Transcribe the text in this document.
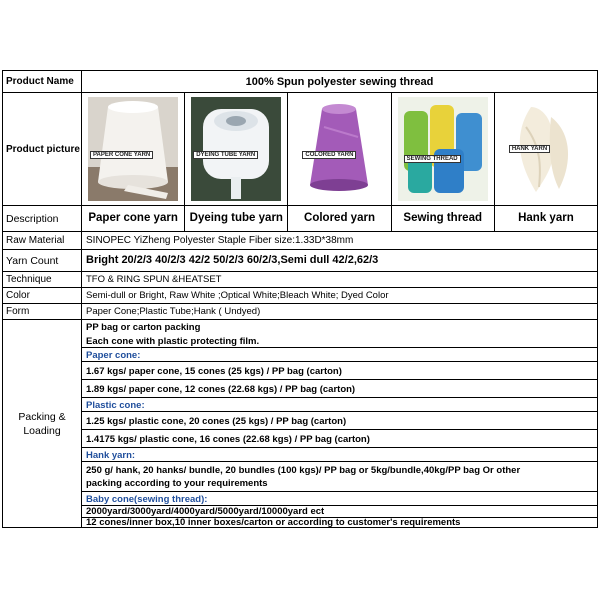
Product Name	100% Spun polyester sewing thread
Product picture
PAPER CONE YARN	DYEING TUBE YARN	COLORED YARN
SEWING THREAD
HANK YARN
Description	Paper cone yarn	Dyeing tube yarn	Colored yarn	Sewing thread	Hank yarn
Raw Material	SINOPEC YiZheng Polyester Staple Fiber size:1.33D*38mm
Yarn Count	Bright 20/2/3 40/2/3 42/2 50/2/3 60/2/3,Semi dull 42/2,62/3
Technique	TFO & RING SPUN &HEATSET
Color	Semi-dull or Bright, Raw White ;Optical White;Bleach White; Dyed Color
Form	Paper Cone;Plastic Tube;Hank ( Undyed)
Packing &
Loading
PP bag or carton packing
Each cone with plastic protecting film.
Paper cone:
1.67 kgs/ paper cone, 15 cones (25 kgs) / PP bag (carton)
1.89 kgs/ paper cone, 12 cones (22.68 kgs) / PP bag (carton)
Plastic cone:
1.25 kgs/ plastic cone, 20 cones (25 kgs) / PP bag (carton)
1.4175 kgs/ plastic cone, 16 cones (22.68 kgs) / PP bag (carton)
Hank yarn:
250 g/ hank, 20 hanks/ bundle, 20 bundles (100 kgs)/ PP bag or 5kg/bundle,40kg/PP bag Or other
packing according to your requirements
Baby cone(sewing thread):
2000yard/3000yard/4000yard/5000yard/10000yard ect
12 cones/inner box,10 inner boxes/carton or according to customer's requirements
